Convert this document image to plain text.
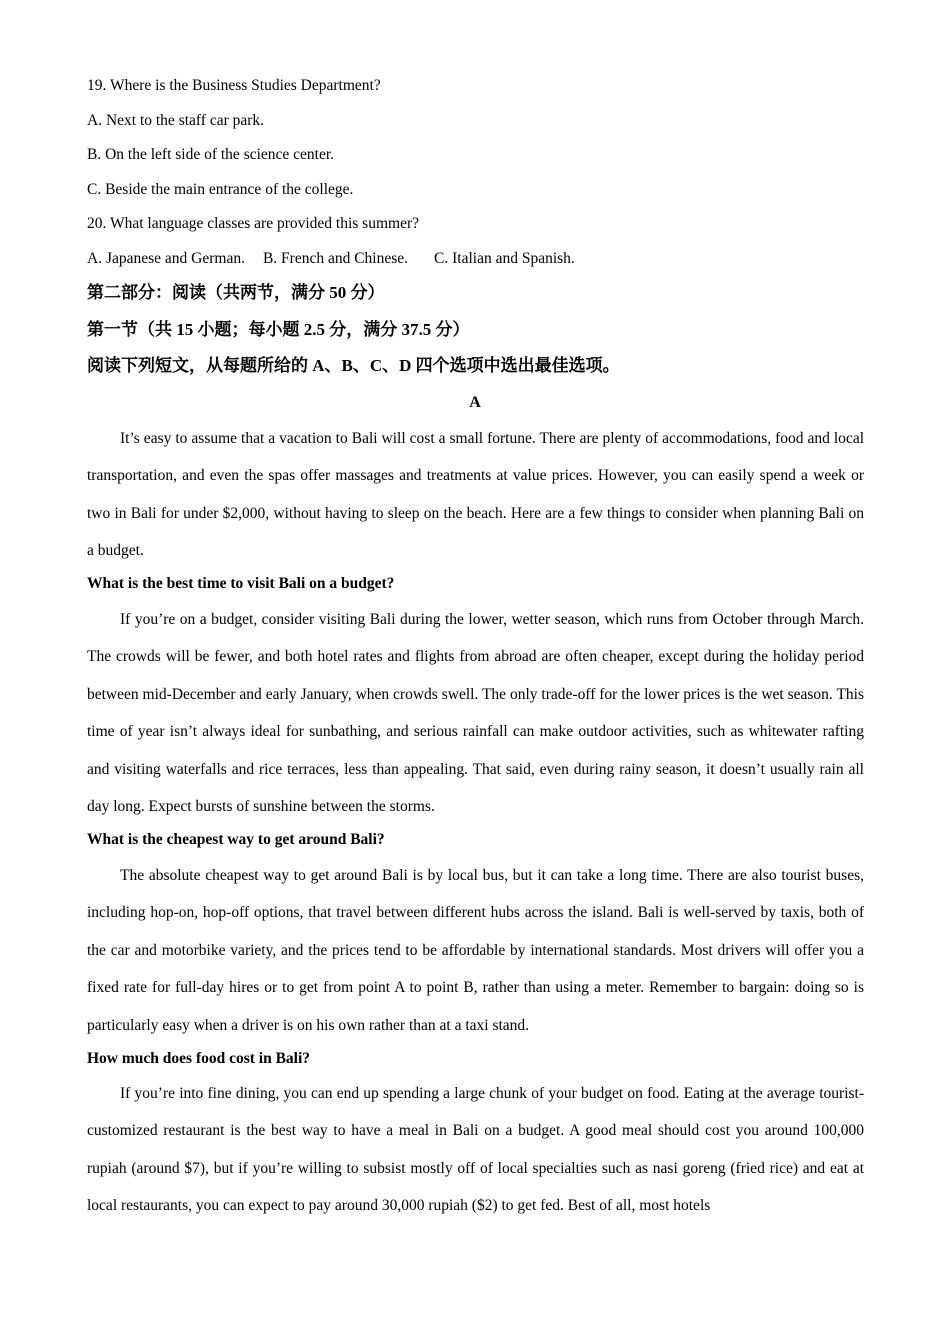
19. Where is the Business Studies Department?
A. Next to the staff car park.
B. On the left side of the science center.
C. Beside the main entrance of the college.
20. What language classes are provided this summer?
A. Japanese and German. B. French and Chinese. C. Italian and Spanish.
第二部分：阅读（共两节，满分 50 分）
第一节（共 15 小题；每小题 2.5 分，满分 37.5 分）
阅读下列短文，从每题所给的 A、B、C、D 四个选项中选出最佳选项。
A

It’s easy to assume that a vacation to Bali will cost a small fortune. There are plenty of accommodations, food and local transportation, and even the spas offer massages and treatments at value prices. However, you can easily spend a week or two in Bali for under $2,000, without having to sleep on the beach. Here are a few things to consider when planning Bali on a budget.

What is the best time to visit Bali on a budget?

If you’re on a budget, consider visiting Bali during the lower, wetter season, which runs from October through March. The crowds will be fewer, and both hotel rates and flights from abroad are often cheaper, except during the holiday period between mid-December and early January, when crowds swell. The only trade-off for the lower prices is the wet season. This time of year isn’t always ideal for sunbathing, and serious rainfall can make outdoor activities, such as whitewater rafting and visiting waterfalls and rice terraces, less than appealing. That said, even during rainy season, it doesn’t usually rain all day long. Expect bursts of sunshine between the storms.

What is the cheapest way to get around Bali?

The absolute cheapest way to get around Bali is by local bus, but it can take a long time. There are also tourist buses, including hop-on, hop-off options, that travel between different hubs across the island. Bali is well-served by taxis, both of the car and motorbike variety, and the prices tend to be affordable by international standards. Most drivers will offer you a fixed rate for full-day hires or to get from point A to point B, rather than using a meter. Remember to bargain: doing so is particularly easy when a driver is on his own rather than at a taxi stand.

How much does food cost in Bali?

If you’re into fine dining, you can end up spending a large chunk of your budget on food. Eating at the average tourist-customized restaurant is the best way to have a meal in Bali on a budget. A good meal should cost you around 100,000 rupiah (around $7), but if you’re willing to subsist mostly off of local specialties such as nasi goreng (fried rice) and eat at local restaurants, you can expect to pay around 30,000 rupiah ($2) to get fed. Best of all, most hotels
